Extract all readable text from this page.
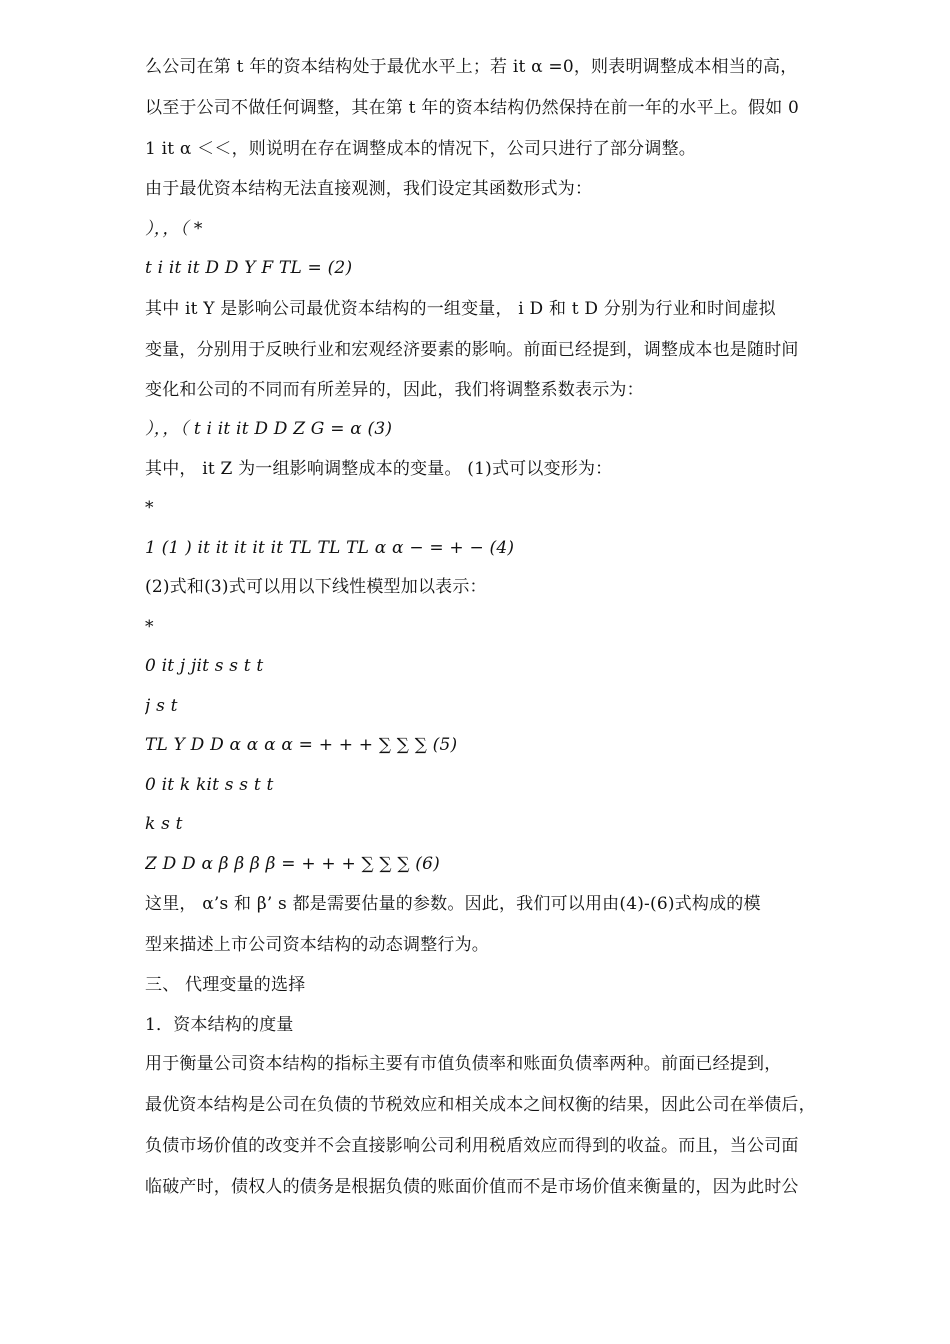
么公司在第 t 年的资本结构处于最优水平上；若 it α =0，则表明调整成本相当的高，
以至于公司不做任何调整，其在第 t 年的资本结构仍然保持在前一年的水平上。假如 0
1 it α ＜＜，则说明在存在调整成本的情况下，公司只进行了部分调整。
由于最优资本结构无法直接观测，我们设定其函数形式为：
），，（ *
t i it it D D Y F TL = (2)
其中 it Y 是影响公司最优资本结构的一组变量， i D 和 t D 分别为行业和时间虚拟
变量，分别用于反映行业和宏观经济要素的影响。前面已经提到，调整成本也是随时间
变化和公司的不同而有所差异的，因此，我们将调整系数表示为：
），，（ t i it it D D Z G = α (3)
其中， it Z 为一组影响调整成本的变量。 (1)式可以变形为：
*
1 (1 ) it it it it it TL TL TL α α − = + − (4)
(2)式和(3)式可以用以下线性模型加以表示：
*
0 it j jit s s t t
j s t
TL Y D D α α α α = + + + ∑ ∑ ∑ (5)
0 it k kit s s t t
k s t
Z D D α β β β β = + + + ∑ ∑ ∑ (6)
这里， α’s 和 β’ s 都是需要估量的参数。因此，我们可以用由(4)-(6)式构成的模
型来描述上市公司资本结构的动态调整行为。
三、 代理变量的选择
1．资本结构的度量
用于衡量公司资本结构的指标主要有市值负债率和账面负债率两种。前面已经提到，
最优资本结构是公司在负债的节税效应和相关成本之间权衡的结果，因此公司在举债后，
负债市场价值的改变并不会直接影响公司利用税盾效应而得到的收益。而且，当公司面
临破产时，债权人的债务是根据负债的账面价值而不是市场价值来衡量的，因为此时公
